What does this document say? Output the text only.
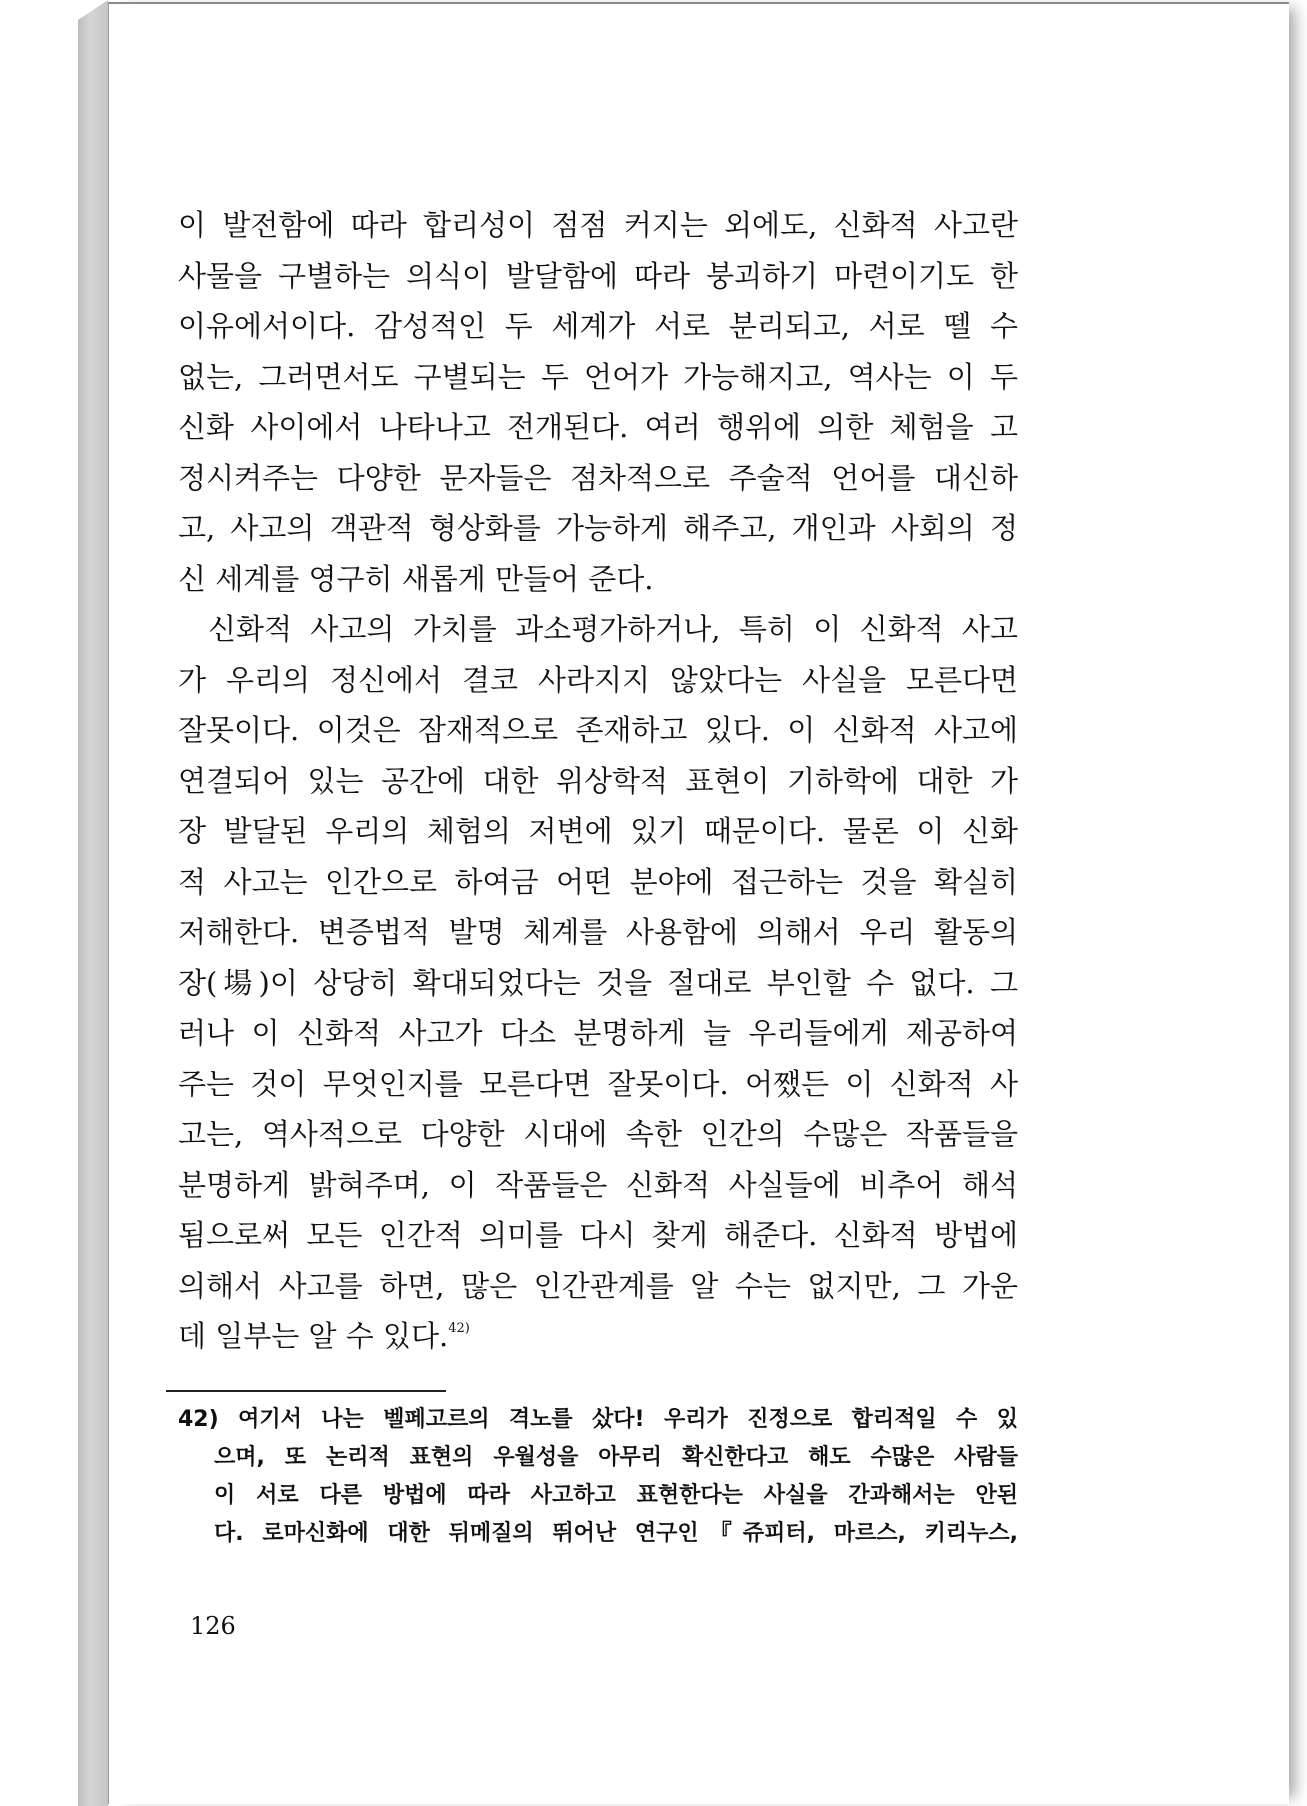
이 발전함에 따라 합리성이 점점 커지는 외에도, 신화적 사고란
사물을 구별하는 의식이 발달함에 따라 붕괴하기 마련이기도 한
이유에서이다. 감성적인 두 세계가 서로 분리되고, 서로 뗄 수
없는, 그러면서도 구별되는 두 언어가 가능해지고, 역사는 이 두
신화 사이에서 나타나고 전개된다. 여러 행위에 의한 체험을 고
정시켜주는 다양한 문자들은 점차적으로 주술적 언어를 대신하
고, 사고의 객관적 형상화를 가능하게 해주고, 개인과 사회의 정
신 세계를 영구히 새롭게 만들어 준다.
신화적 사고의 가치를 과소평가하거나, 특히 이 신화적 사고
가 우리의 정신에서 결코 사라지지 않았다는 사실을 모른다면
잘못이다. 이것은 잠재적으로 존재하고 있다. 이 신화적 사고에
연결되어 있는 공간에 대한 위상학적 표현이 기하학에 대한 가
장 발달된 우리의 체험의 저변에 있기 때문이다. 물론 이 신화
적 사고는 인간으로 하여금 어떤 분야에 접근하는 것을 확실히
저해한다. 변증법적 발명 체계를 사용함에 의해서 우리 활동의
장(場)이 상당히 확대되었다는 것을 절대로 부인할 수 없다. 그
러나 이 신화적 사고가 다소 분명하게 늘 우리들에게 제공하여
주는 것이 무엇인지를 모른다면 잘못이다. 어쨌든 이 신화적 사
고는, 역사적으로 다양한 시대에 속한 인간의 수많은 작품들을
분명하게 밝혀주며, 이 작품들은 신화적 사실들에 비추어 해석
됨으로써 모든 인간적 의미를 다시 찾게 해준다. 신화적 방법에
의해서 사고를 하면, 많은 인간관계를 알 수는 없지만, 그 가운
데 일부는 알 수 있다.$^{42)}$
42) 여기서 나는 벨페고르의 격노를 샀다! 우리가 진정으로 합리적일 수 있
으며, 또 논리적 표현의 우월성을 아무리 확신한다고 해도 수많은 사람들
이 서로 다른 방법에 따라 사고하고 표현한다는 사실을 간과해서는 안된
다. 로마신화에 대한 뒤메질의 뛰어난 연구인『쥬피터, 마르스, 키리누스,
126
